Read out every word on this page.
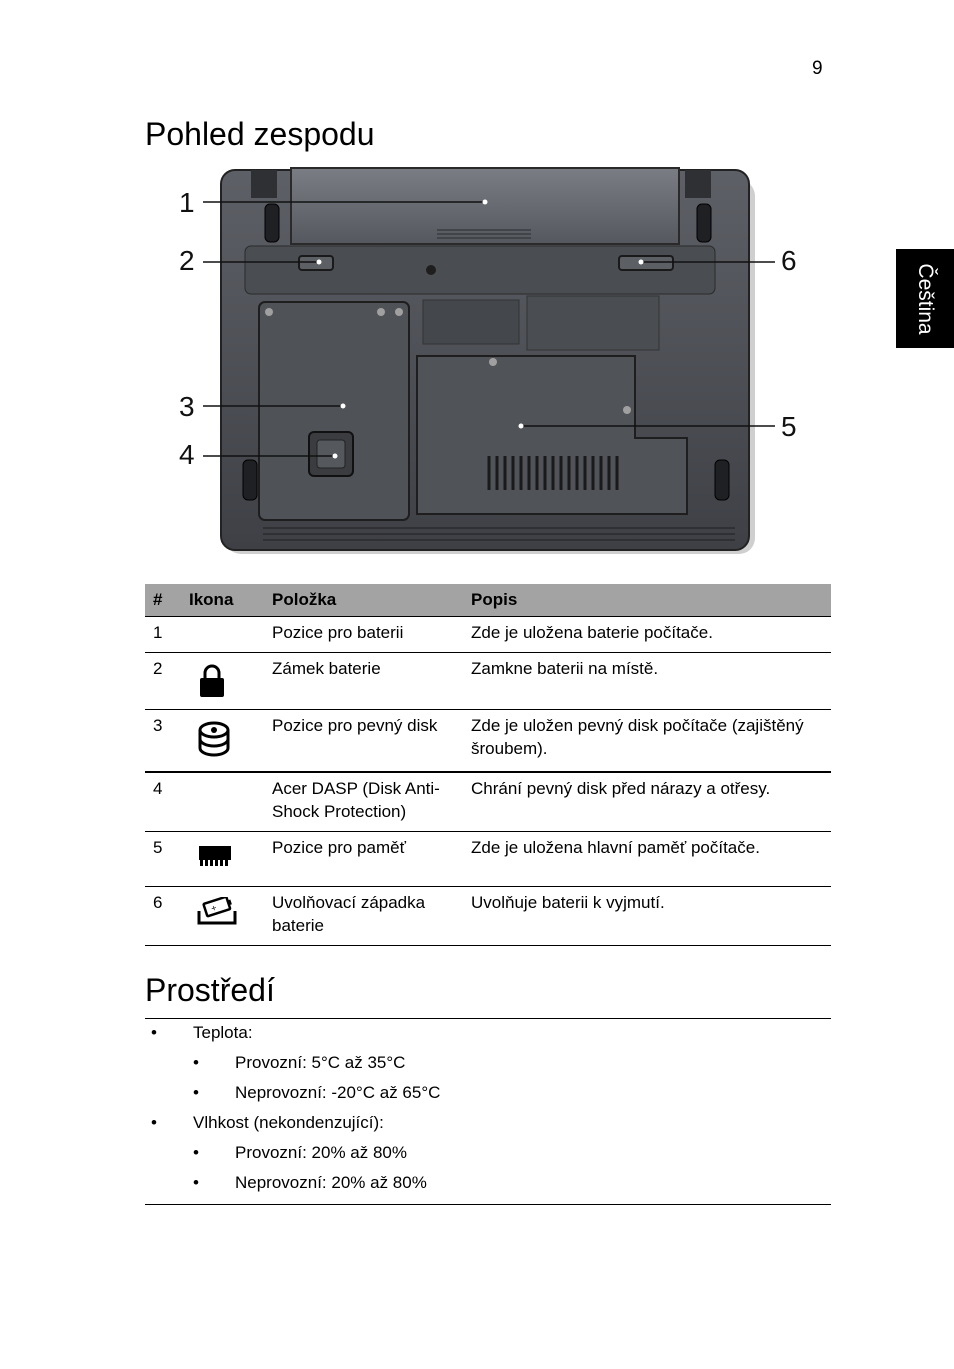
9
Čeština
Pohled zespodu
1
2
3
4
5
6
#	Ikona	Položka	Popis
1		Pozice pro baterii	Zde je uložena baterie počítače.
2		Zámek baterie	Zamkne baterii na místě.
3		Pozice pro pevný disk	Zde je uložen pevný disk počítače (zajištěný šroubem).
4		Acer DASP (Disk Anti-Shock Protection)	Chrání pevný disk před nárazy a otřesy.
5		Pozice pro paměť	Zde je uložena hlavní paměť počítače.
6	+	Uvolňovací západka baterie	Uvolňuje baterii k vyjmutí.
Prostředí
• Teplota:
• Provozní: 5°C až 35°C
• Neprovozní: -20°C až 65°C
• Vlhkost (nekondenzující):
• Provozní: 20% až 80%
• Neprovozní: 20% až 80%
